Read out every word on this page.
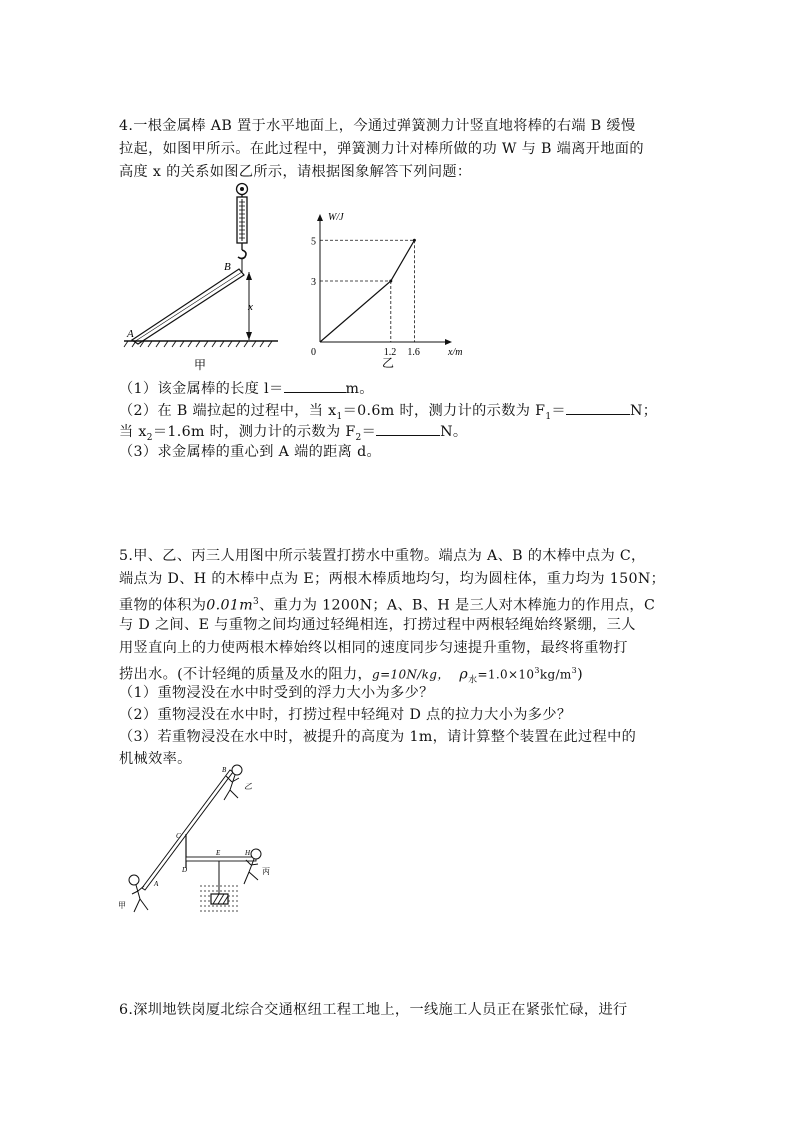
4.一根金属棒 AB 置于水平地面上，今通过弹簧测力计竖直地将棒的右端 B 缓慢
拉起，如图甲所示。在此过程中，弹簧测力计对棒所做的功 W 与 B 端离开地面的
高度 x 的关系如图乙所示，请根据图象解答下列问题：
B
A
x
甲
3
5
1.2 1.6
0
W/J
x/m
乙
（1）该金属棒的长度 l＝	m。
（2）在 B 端拉起的过程中，当 $x_1=0.6m$ 时，测力计的示数为 $F_1=$	N；
当 $x_2=1.6m$ 时，测力计的示数为 $F_2=$	N。
（3）求金属棒的重心到 A 端的距离 d。
5.甲、乙、丙三人用图中所示装置打捞水中重物。端点为 A、B 的木棒中点为 C，
端点为 D、H 的木棒中点为 E；两根木棒质地均匀，均为圆柱体，重力均为 150N；
重物的体积为$0.01m^3$、重力为 1200N；A、B、H 是三人对木棒施力的作用点，C
与 D 之间、E 与重物之间均通过轻绳相连，打捞过程中两根轻绳始终紧绷，三人
用竖直向上的力使两根木棒始终以相同的速度同步匀速提升重物，最终将重物打
捞出水。(不计轻绳的质量及水的阻力，g=10N/kg， $\rho_水=1.0\times 10^3kg/m^3$)
（1）重物浸没在水中时受到的浮力大小为多少？
（2）重物浸没在水中时，打捞过程中轻绳对 D 点的拉力大小为多少？
（3）若重物浸没在水中时，被提升的高度为 1m，请计算整个装置在此过程中的
机械效率。
乙
丙
甲
B
C
D
E	H
A
6.深圳地铁岗厦北综合交通枢纽工程工地上，一线施工人员正在紧张忙碌，进行
